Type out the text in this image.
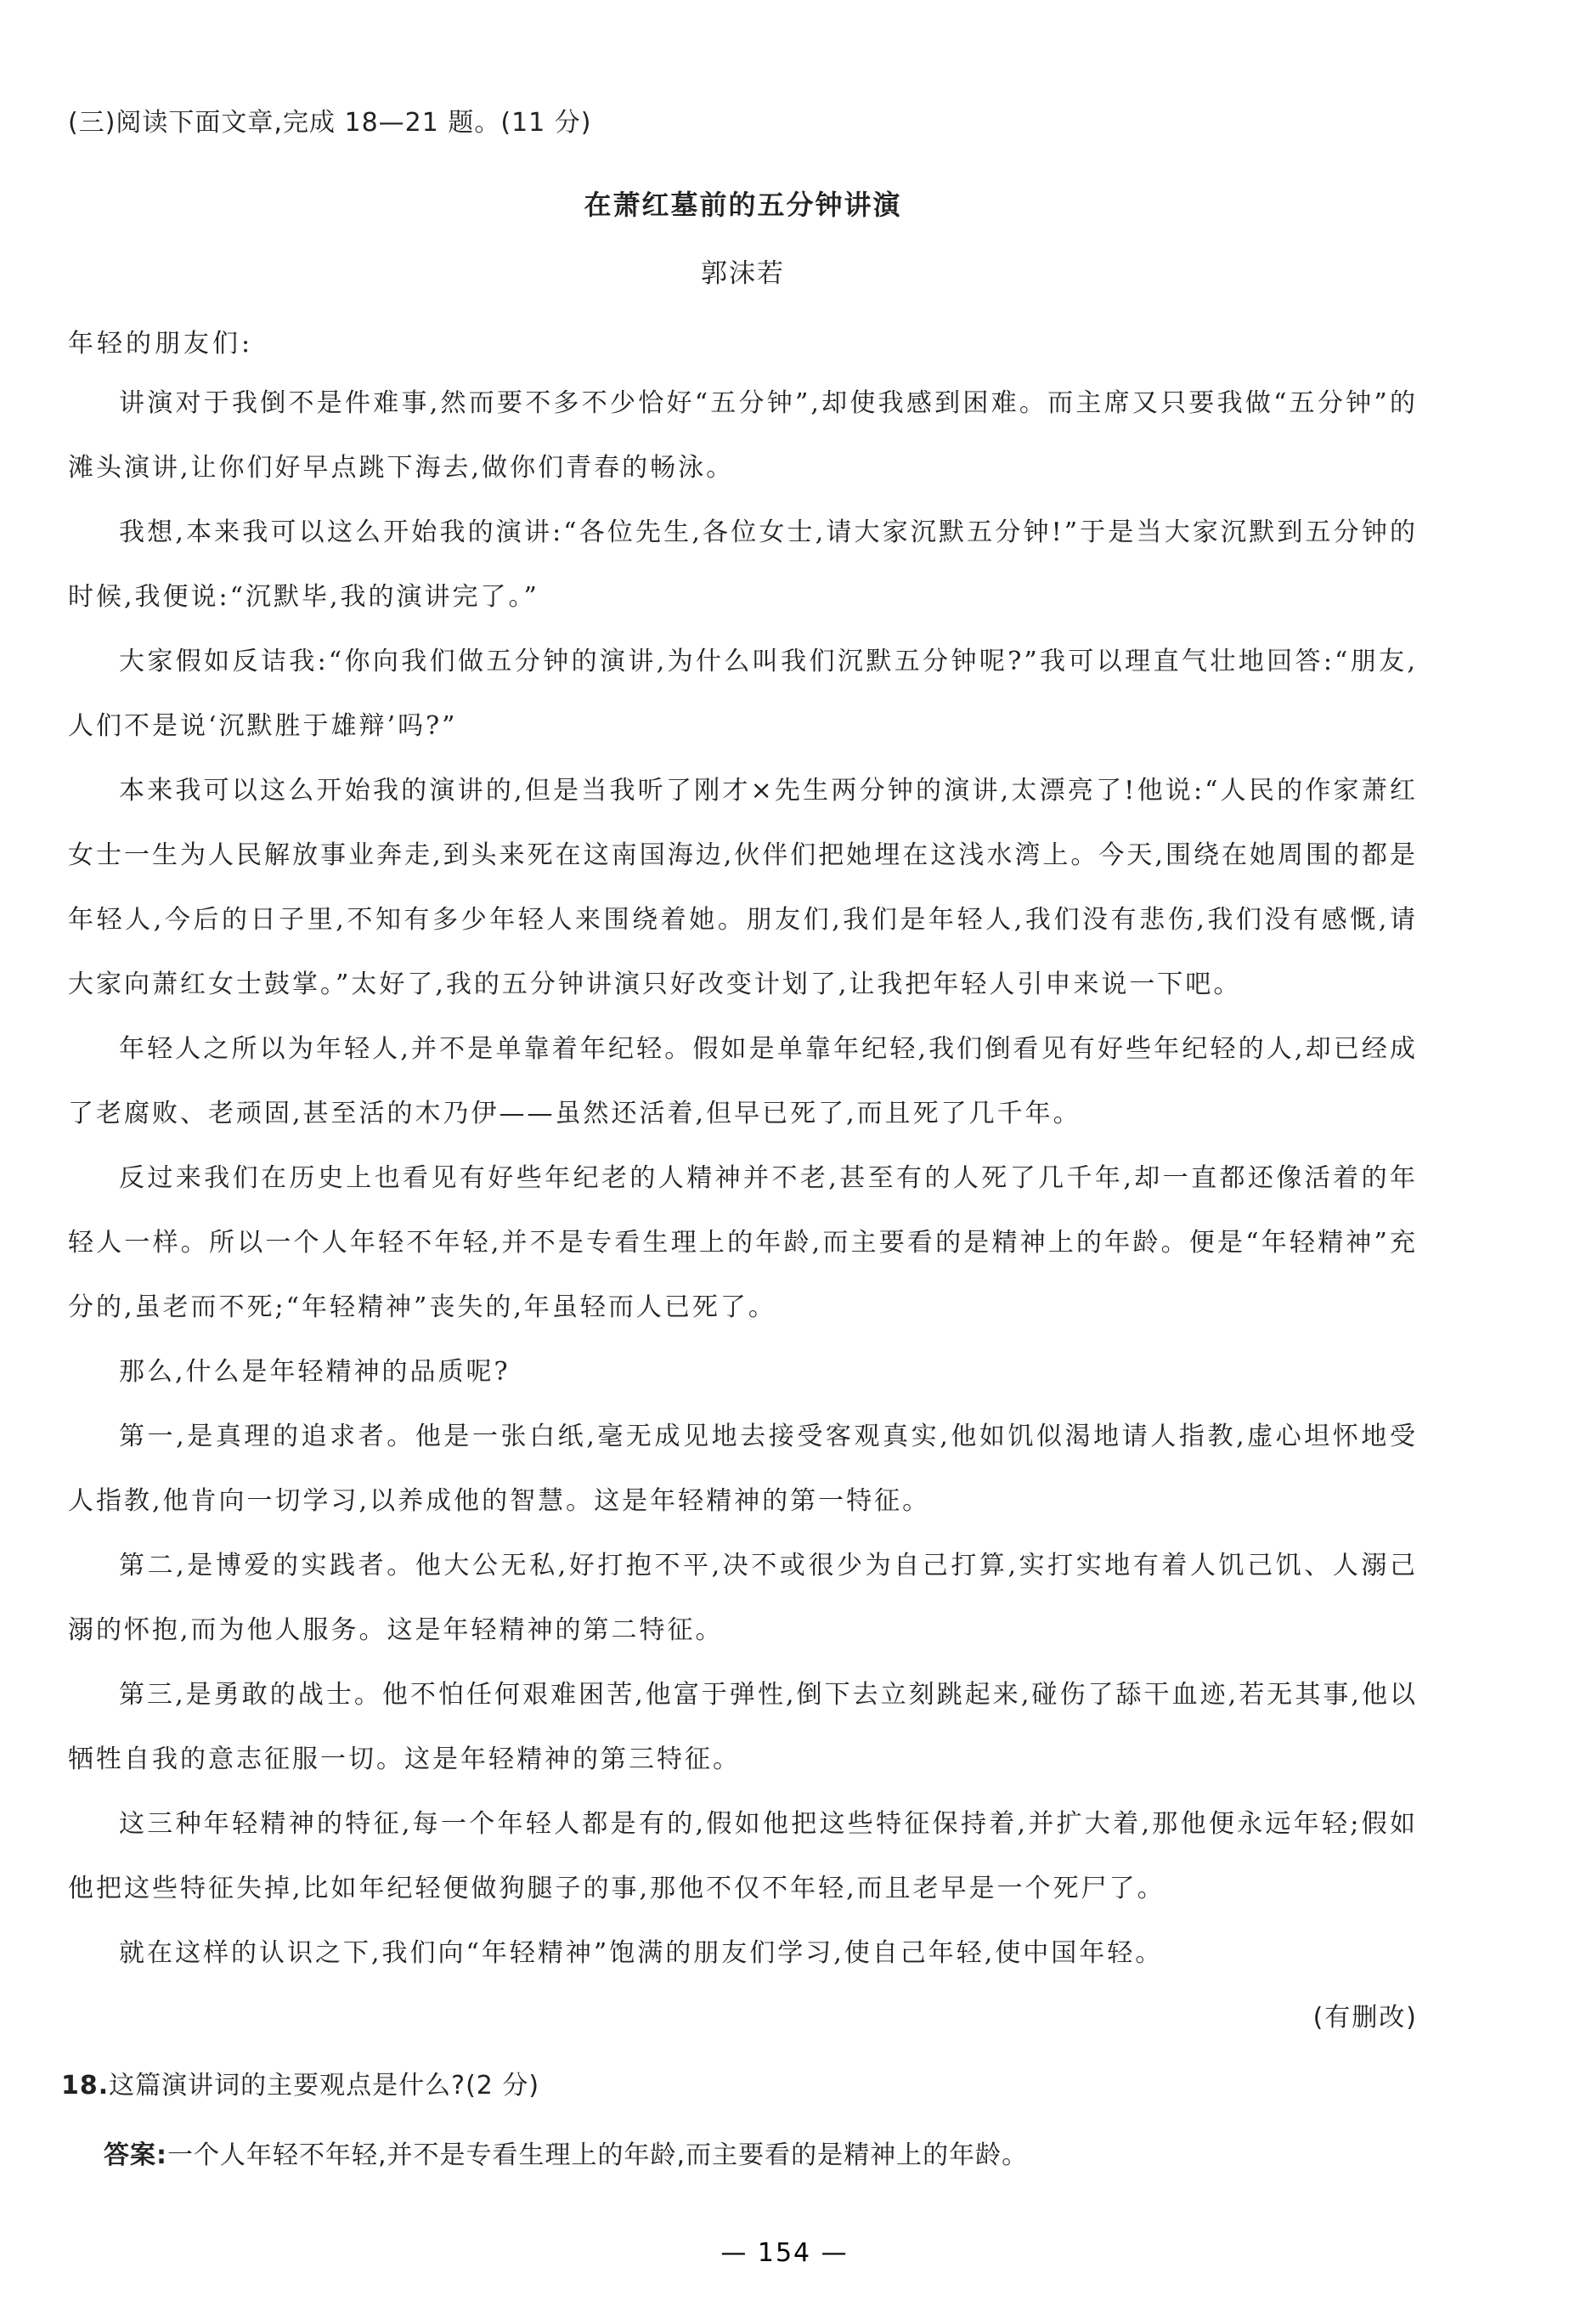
(三)阅读下面文章,完成 18—21 题。(11 分)
在萧红墓前的五分钟讲演
郭沫若
年轻的朋友们:

讲演对于我倒不是件难事,然而要不多不少恰好“五分钟”,却使我感到困难。而主席又只要我做“五分钟”的滩头演讲,让你们好早点跳下海去,做你们青春的畅泳。

我想,本来我可以这么开始我的演讲:“各位先生,各位女士,请大家沉默五分钟!”于是当大家沉默到五分钟的时候,我便说:“沉默毕,我的演讲完了。”

大家假如反诘我:“你向我们做五分钟的演讲,为什么叫我们沉默五分钟呢?”我可以理直气壮地回答:“朋友,人们不是说‘沉默胜于雄辩’吗?”

本来我可以这么开始我的演讲的,但是当我听了刚才×先生两分钟的演讲,太漂亮了!他说:“人民的作家萧红女士一生为人民解放事业奔走,到头来死在这南国海边,伙伴们把她埋在这浅水湾上。今天,围绕在她周围的都是年轻人,今后的日子里,不知有多少年轻人来围绕着她。朋友们,我们是年轻人,我们没有悲伤,我们没有感慨,请大家向萧红女士鼓掌。”太好了,我的五分钟讲演只好改变计划了,让我把年轻人引申来说一下吧。

年轻人之所以为年轻人,并不是单靠着年纪轻。假如是单靠年纪轻,我们倒看见有好些年纪轻的人,却已经成了老腐败、老顽固,甚至活的木乃伊——虽然还活着,但早已死了,而且死了几千年。

反过来我们在历史上也看见有好些年纪老的人精神并不老,甚至有的人死了几千年,却一直都还像活着的年轻人一样。所以一个人年轻不年轻,并不是专看生理上的年龄,而主要看的是精神上的年龄。便是“年轻精神”充分的,虽老而不死;“年轻精神”丧失的,年虽轻而人已死了。

那么,什么是年轻精神的品质呢?

第一,是真理的追求者。他是一张白纸,毫无成见地去接受客观真实,他如饥似渴地请人指教,虚心坦怀地受人指教,他肯向一切学习,以养成他的智慧。这是年轻精神的第一特征。

第二,是博爱的实践者。他大公无私,好打抱不平,决不或很少为自己打算,实打实地有着人饥己饥、人溺己溺的怀抱,而为他人服务。这是年轻精神的第二特征。

第三,是勇敢的战士。他不怕任何艰难困苦,他富于弹性,倒下去立刻跳起来,碰伤了舔干血迹,若无其事,他以牺牲自我的意志征服一切。这是年轻精神的第三特征。

这三种年轻精神的特征,每一个年轻人都是有的,假如他把这些特征保持着,并扩大着,那他便永远年轻;假如他把这些特征失掉,比如年纪轻便做狗腿子的事,那他不仅不年轻,而且老早是一个死尸了。

就在这样的认识之下,我们向“年轻精神”饱满的朋友们学习,使自己年轻,使中国年轻。

(有删改)
18.这篇演讲词的主要观点是什么?(2 分)
答案:一个人年轻不年轻,并不是专看生理上的年龄,而主要看的是精神上的年龄。
— 154 —
